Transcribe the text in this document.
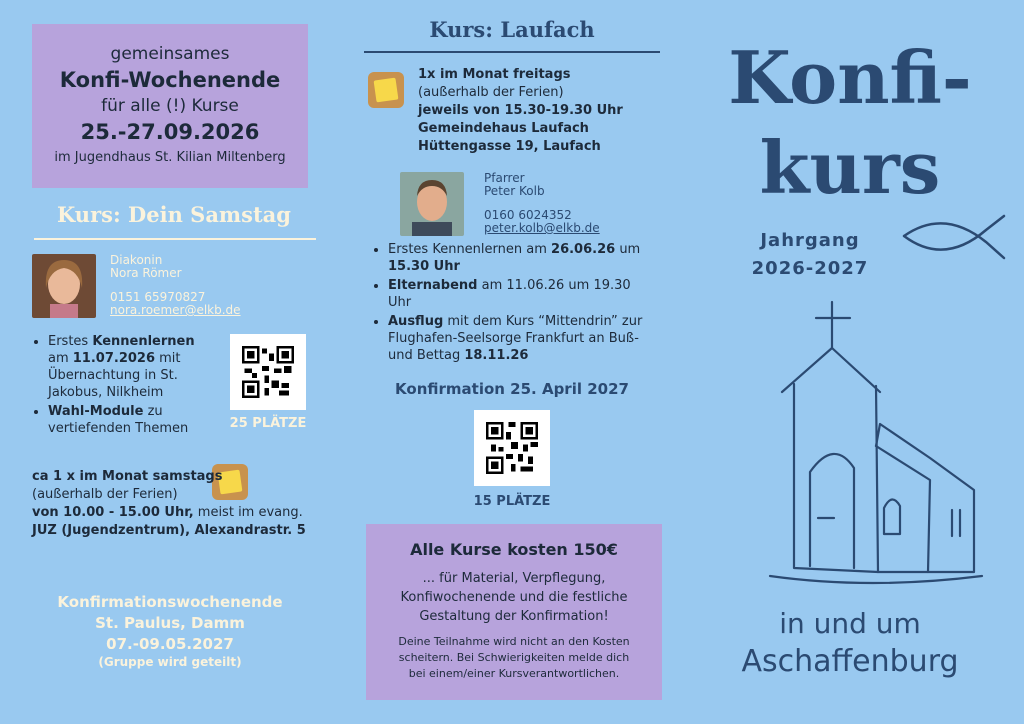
gemeinsames
Konfi-Wochenende
für alle (!) Kurse
25.-27.09.2026
im Jugendhaus St. Kilian Miltenberg
Kurs: Dein Samstag
Diakonin
Nora Römer
0151 65970827
nora.roemer@elkb.de
• Erstes Kennenlernen am 11.07.2026 mit Übernachtung in St. Jakobus, Nilkheim
• Wahl-Module zu vertiefenden Themen	25 PLÄTZE
ca 1 x im Monat samstags
(außerhalb der Ferien)
von 10.00 - 15.00 Uhr, meist im evang.
JUZ (Jugendzentrum), Alexandrastr. 5
Konfirmationswochenende
St. Paulus, Damm
07.-09.05.2027
(Gruppe wird geteilt)
Kurs: Laufach
1x im Monat freitags
(außerhalb der Ferien)
jeweils von 15.30-19.30 Uhr
Gemeindehaus Laufach
Hüttengasse 19, Laufach
Pfarrer
Peter Kolb
0160 6024352
peter.kolb@elkb.de
• Erstes Kennenlernen am 26.06.26 um 15.30 Uhr
• Elternabend am 11.06.26 um 19.30 Uhr
• Ausflug mit dem Kurs “Mittendrin” zur Flughafen-Seelsorge Frankfurt an Buß- und Bettag 18.11.26
Konfirmation 25. April 2027
15 PLÄTZE
Alle Kurse kosten 150€
... für Material, Verpflegung, Konfiwochenende und die festliche Gestaltung der Konfirmation!
Deine Teilnahme wird nicht an den Kosten scheitern. Bei Schwierigkeiten melde dich bei einem/einer Kursverantwortlichen.
Konfi-
kurs
Jahrgang
2026-2027
in und um
Aschaffenburg
